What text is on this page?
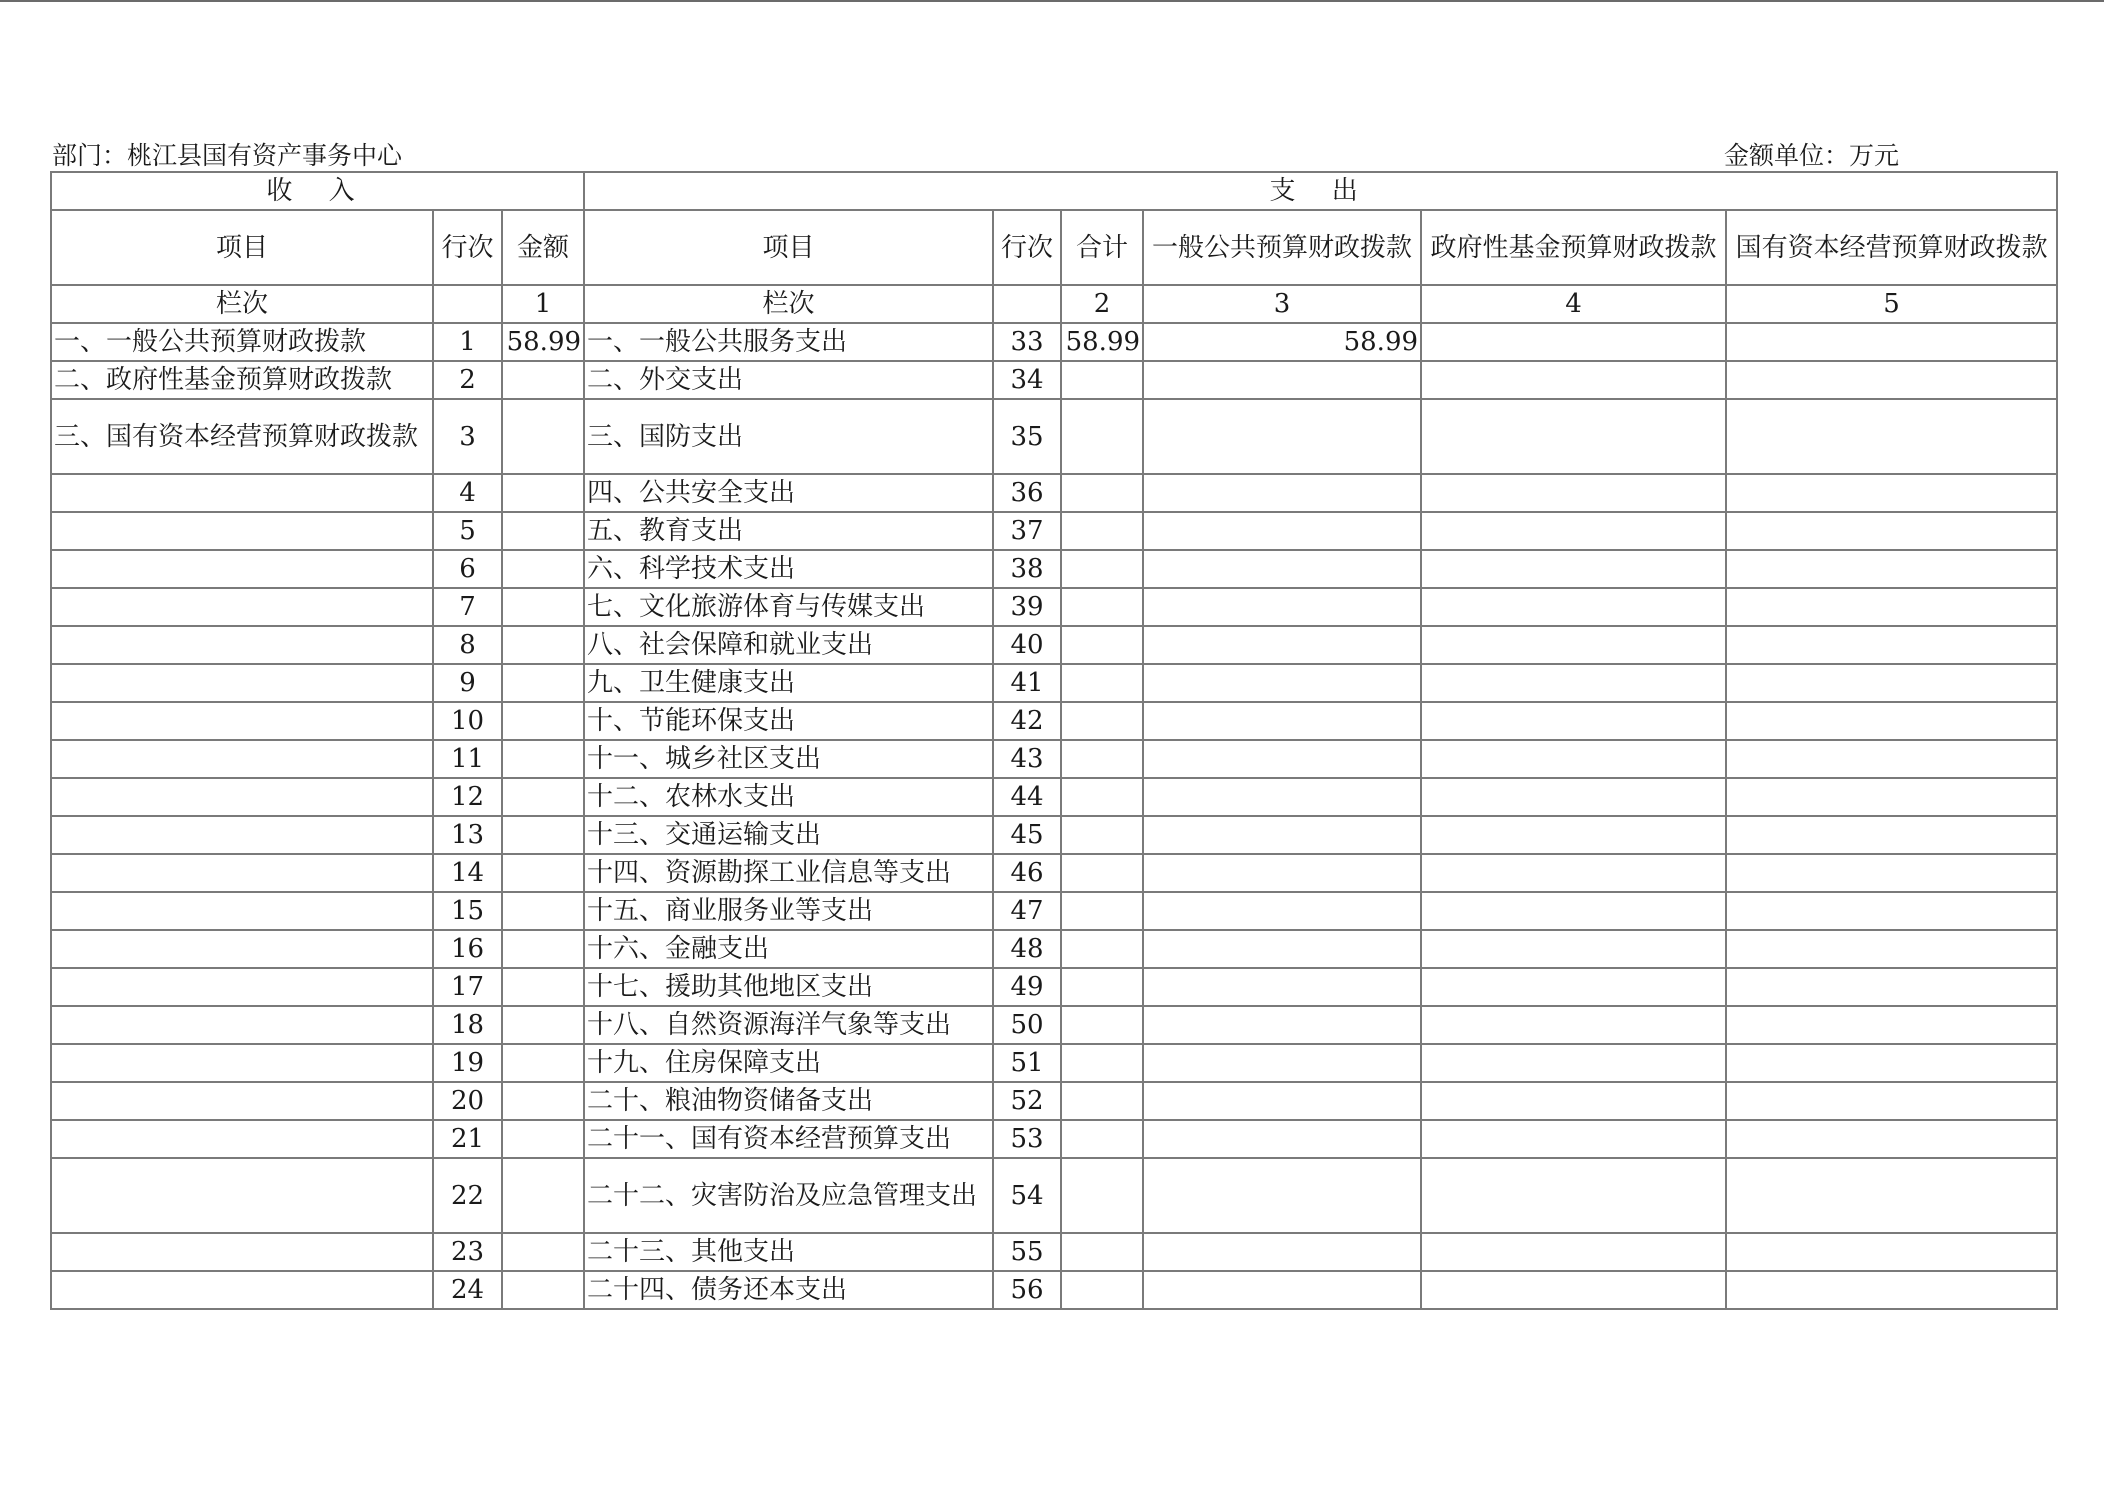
部门：桃江县国有资产事务中心	金额单位：万元
收 入			支 出					
项目	行次	金额	项目	行次	合计	一般公共预算财政拨款	政府性基金预算财政拨款	国有资本经营预算财政拨款
栏次		1	栏次		2	3	4	5
一、一般公共预算财政拨款	1	58.99	一、一般公共服务支出	33	58.99	58.99		
二、政府性基金预算财政拨款	2		二、外交支出	34				
三、国有资本经营预算财政拨款	3		三、国防支出	35				
	4		四、公共安全支出	36				
	5		五、教育支出	37				
	6		六、科学技术支出	38				
	7		七、文化旅游体育与传媒支出	39				
	8		八、社会保障和就业支出	40				
	9		九、卫生健康支出	41				
	10		十、节能环保支出	42				
	11		十一、城乡社区支出	43				
	12		十二、农林水支出	44				
	13		十三、交通运输支出	45				
	14		十四、资源勘探工业信息等支出	46				
	15		十五、商业服务业等支出	47				
	16		十六、金融支出	48				
	17		十七、援助其他地区支出	49				
	18		十八、自然资源海洋气象等支出	50				
	19		十九、住房保障支出	51				
	20		二十、粮油物资储备支出	52				
	21		二十一、国有资本经营预算支出	53				
	22		二十二、灾害防治及应急管理支出	54				
	23		二十三、其他支出	55				
	24		二十四、债务还本支出	56				
